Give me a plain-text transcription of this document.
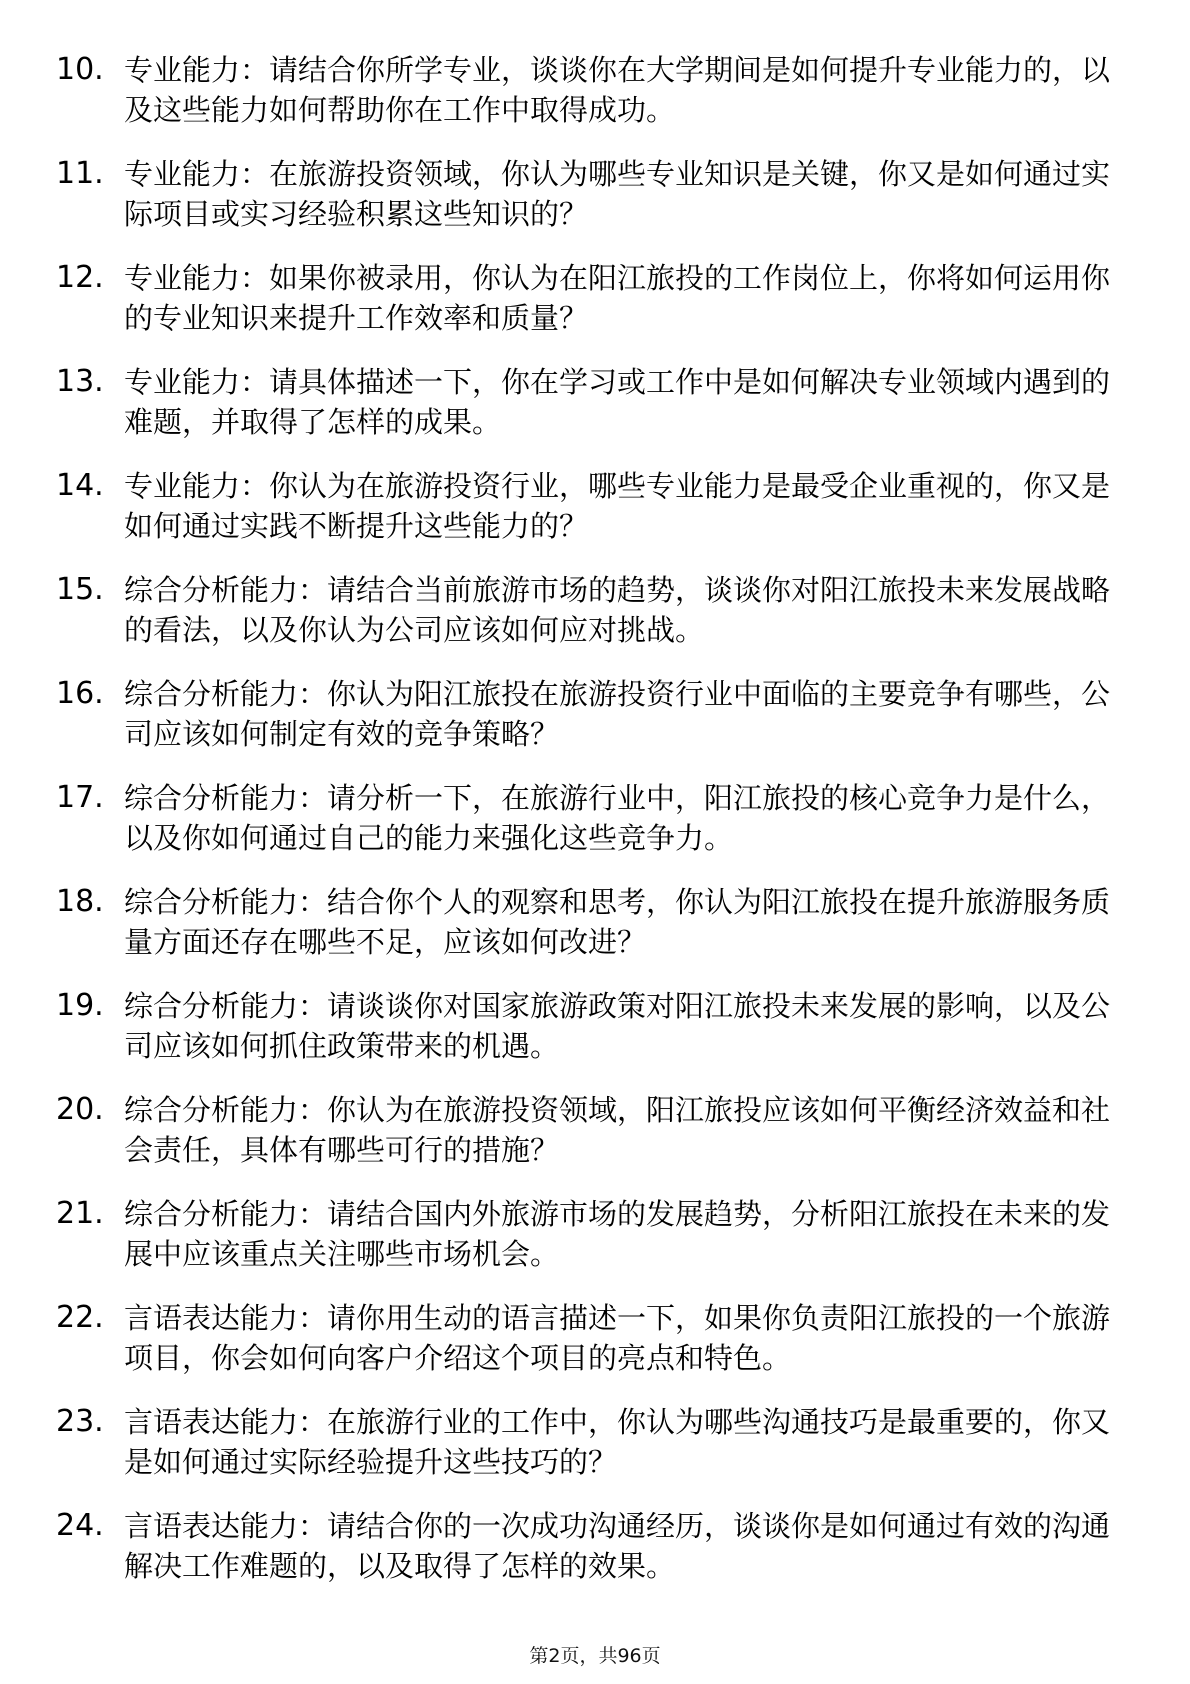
10. 专业能力：请结合你所学专业，谈谈你在大学期间是如何提升专业能力的，以及这些能力如何帮助你在工作中取得成功。
11. 专业能力：在旅游投资领域，你认为哪些专业知识是关键，你又是如何通过实际项目或实习经验积累这些知识的？
12. 专业能力：如果你被录用，你认为在阳江旅投的工作岗位上，你将如何运用你的专业知识来提升工作效率和质量？
13. 专业能力：请具体描述一下，你在学习或工作中是如何解决专业领域内遇到的难题，并取得了怎样的成果。
14. 专业能力：你认为在旅游投资行业，哪些专业能力是最受企业重视的，你又是如何通过实践不断提升这些能力的？
15. 综合分析能力：请结合当前旅游市场的趋势，谈谈你对阳江旅投未来发展战略的看法，以及你认为公司应该如何应对挑战。
16. 综合分析能力：你认为阳江旅投在旅游投资行业中面临的主要竞争有哪些，公司应该如何制定有效的竞争策略？
17. 综合分析能力：请分析一下，在旅游行业中，阳江旅投的核心竞争力是什么，以及你如何通过自己的能力来强化这些竞争力。
18. 综合分析能力：结合你个人的观察和思考，你认为阳江旅投在提升旅游服务质量方面还存在哪些不足，应该如何改进？
19. 综合分析能力：请谈谈你对国家旅游政策对阳江旅投未来发展的影响，以及公司应该如何抓住政策带来的机遇。
20. 综合分析能力：你认为在旅游投资领域，阳江旅投应该如何平衡经济效益和社会责任，具体有哪些可行的措施？
21. 综合分析能力：请结合国内外旅游市场的发展趋势，分析阳江旅投在未来的发展中应该重点关注哪些市场机会。
22. 言语表达能力：请你用生动的语言描述一下，如果你负责阳江旅投的一个旅游项目，你会如何向客户介绍这个项目的亮点和特色。
23. 言语表达能力：在旅游行业的工作中，你认为哪些沟通技巧是最重要的，你又是如何通过实际经验提升这些技巧的？
24. 言语表达能力：请结合你的一次成功沟通经历，谈谈你是如何通过有效的沟通解决工作难题的，以及取得了怎样的效果。
第2页，共96页
